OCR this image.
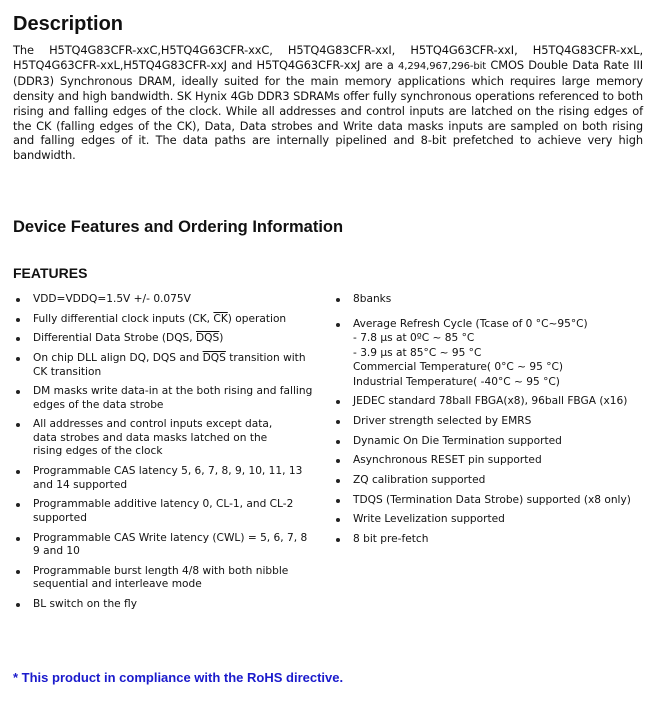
Description

The H5TQ4G83CFR-xxC,H5TQ4G63CFR-xxC, H5TQ4G83CFR-xxI, H5TQ4G63CFR-xxI, H5TQ4G83CFR-xxL, H5TQ4G63CFR-xxL,H5TQ4G83CFR-xxJ and H5TQ4G63CFR-xxJ are a 4,294,967,296-bit CMOS Double Data Rate III (DDR3) Synchronous DRAM, ideally suited for the main memory applications which requires large memory density and high bandwidth. SK Hynix 4Gb DDR3 SDRAMs offer fully synchronous operations referenced to both rising and falling edges of the clock. While all addresses and control inputs are latched on the rising edges of the CK (falling edges of the CK), Data, Data strobes and Write data masks inputs are sampled on both rising and falling edges of it. The data paths are internally pipelined and 8-bit prefetched to achieve very high bandwidth.

Device Features and Ordering Information
FEATURES
VDD=VDDQ=1.5V +/- 0.075V
Fully differential clock inputs (CK, $\overline{CK}$) operation
Differential Data Strobe (DQS, $\overline{DQS}$)
On chip DLL align DQ, DQS and $\overline{DQS}$ transition with CK transition
DM masks write data-in at the both rising and falling edges of the data strobe
All addresses and control inputs except data,
data strobes and data masks latched on the
rising edges of the clock
Programmable CAS latency 5, 6, 7, 8, 9, 10, 11, 13 and 14 supported
Programmable additive latency 0, CL-1, and CL-2 supported
Programmable CAS Write latency (CWL) = 5, 6, 7, 8 9 and 10
Programmable burst length 4/8 with both nibble sequential and interleave mode
BL switch on the fly
8banks
Average Refresh Cycle (Tcase of 0 °C~95°C)
- 7.8 µs at 0ºC ~ 85 °C
- 3.9 µs at 85°C ~ 95 °C
Commercial Temperature( 0°C ~ 95 °C)
Industrial Temperature( -40°C ~ 95 °C)
JEDEC standard 78ball FBGA(x8), 96ball FBGA (x16)
Driver strength selected by EMRS
Dynamic On Die Termination supported
Asynchronous RESET pin supported
ZQ calibration supported
TDQS (Termination Data Strobe) supported (x8 only)
Write Levelization supported
8 bit pre-fetch

* This product in compliance with the RoHS directive.
